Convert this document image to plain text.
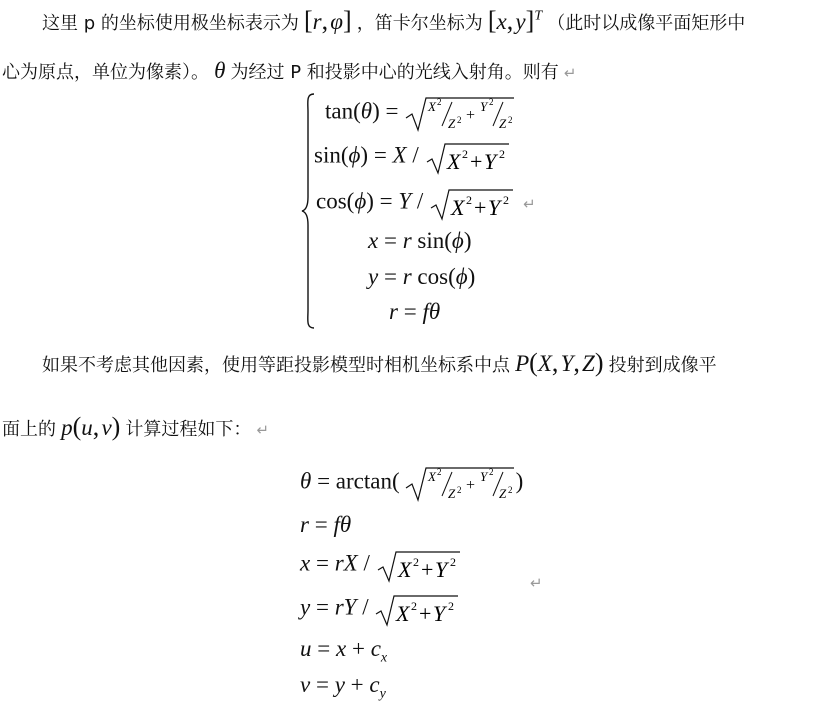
这里 p 的坐标使用极坐标表示为 [r, φ] ，笛卡尔坐标为 [x, y]$^T$ （此时以成像平面矩形中
心为原点，单位为像素）。 θ 为经过 P 和投影中心的光线入射角。则有 ↵
tan(θ) = X 2
Z 2 +
Y 2
Z 2
sin(ϕ) = X / X 2 + Y 2
cos(ϕ) = Y / X 2 + Y 2 ↵
x = r sin(ϕ)
y = r cos(ϕ)
r = fθ
如果不考虑其他因素，使用等距投影模型时相机坐标系中点 P(X, Y, Z) 投射到成像平
面上的 p(u, v) 计算过程如下： ↵
θ = arctan( X 2
Z 2 +
Y 2
Z 2 )
r = fθ
x = rX / X 2 + Y 2
↵
y = rY / X 2 + Y 2
$u = x + c_x$
$v = y + c_y$
